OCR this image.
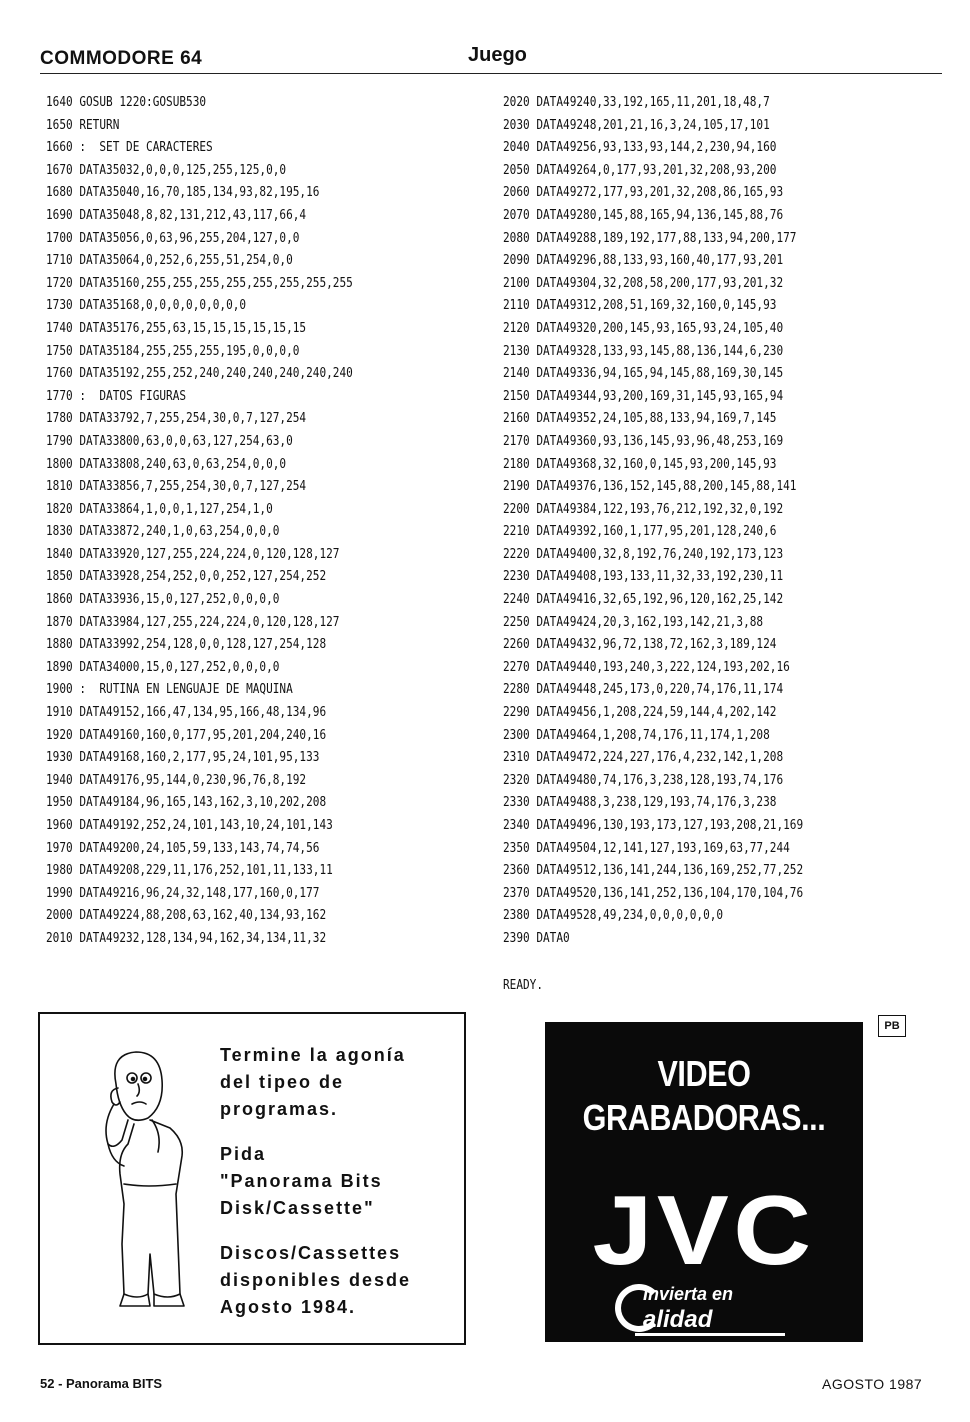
COMMODORE 64	Juego
1640 GOSUB 1220:GOSUB530
1650 RETURN
1660 :  SET DE CARACTERES
1670 DATA35032,0,0,0,125,255,125,0,0
1680 DATA35040,16,70,185,134,93,82,195,16
1690 DATA35048,8,82,131,212,43,117,66,4
1700 DATA35056,0,63,96,255,204,127,0,0
1710 DATA35064,0,252,6,255,51,254,0,0
1720 DATA35160,255,255,255,255,255,255,255,255
1730 DATA35168,0,0,0,0,0,0,0,0
1740 DATA35176,255,63,15,15,15,15,15,15
1750 DATA35184,255,255,255,195,0,0,0,0
1760 DATA35192,255,252,240,240,240,240,240,240
1770 :  DATOS FIGURAS
1780 DATA33792,7,255,254,30,0,7,127,254
1790 DATA33800,63,0,0,63,127,254,63,0
1800 DATA33808,240,63,0,63,254,0,0,0
1810 DATA33856,7,255,254,30,0,7,127,254
1820 DATA33864,1,0,0,1,127,254,1,0
1830 DATA33872,240,1,0,63,254,0,0,0
1840 DATA33920,127,255,224,224,0,120,128,127
1850 DATA33928,254,252,0,0,252,127,254,252
1860 DATA33936,15,0,127,252,0,0,0,0
1870 DATA33984,127,255,224,224,0,120,128,127
1880 DATA33992,254,128,0,0,128,127,254,128
1890 DATA34000,15,0,127,252,0,0,0,0
1900 :  RUTINA EN LENGUAJE DE MAQUINA
1910 DATA49152,166,47,134,95,166,48,134,96
1920 DATA49160,160,0,177,95,201,204,240,16
1930 DATA49168,160,2,177,95,24,101,95,133
1940 DATA49176,95,144,0,230,96,76,8,192
1950 DATA49184,96,165,143,162,3,10,202,208
1960 DATA49192,252,24,101,143,10,24,101,143
1970 DATA49200,24,105,59,133,143,74,74,56
1980 DATA49208,229,11,176,252,101,11,133,11
1990 DATA49216,96,24,32,148,177,160,0,177
2000 DATA49224,88,208,63,162,40,134,93,162
2010 DATA49232,128,134,94,162,34,134,11,32
2020 DATA49240,33,192,165,11,201,18,48,7
2030 DATA49248,201,21,16,3,24,105,17,101
2040 DATA49256,93,133,93,144,2,230,94,160
2050 DATA49264,0,177,93,201,32,208,93,200
2060 DATA49272,177,93,201,32,208,86,165,93
2070 DATA49280,145,88,165,94,136,145,88,76
2080 DATA49288,189,192,177,88,133,94,200,177
2090 DATA49296,88,133,93,160,40,177,93,201
2100 DATA49304,32,208,58,200,177,93,201,32
2110 DATA49312,208,51,169,32,160,0,145,93
2120 DATA49320,200,145,93,165,93,24,105,40
2130 DATA49328,133,93,145,88,136,144,6,230
2140 DATA49336,94,165,94,145,88,169,30,145
2150 DATA49344,93,200,169,31,145,93,165,94
2160 DATA49352,24,105,88,133,94,169,7,145
2170 DATA49360,93,136,145,93,96,48,253,169
2180 DATA49368,32,160,0,145,93,200,145,93
2190 DATA49376,136,152,145,88,200,145,88,141
2200 DATA49384,122,193,76,212,192,32,0,192
2210 DATA49392,160,1,177,95,201,128,240,6
2220 DATA49400,32,8,192,76,240,192,173,123
2230 DATA49408,193,133,11,32,33,192,230,11
2240 DATA49416,32,65,192,96,120,162,25,142
2250 DATA49424,20,3,162,193,142,21,3,88
2260 DATA49432,96,72,138,72,162,3,189,124
2270 DATA49440,193,240,3,222,124,193,202,16
2280 DATA49448,245,173,0,220,74,176,11,174
2290 DATA49456,1,208,224,59,144,4,202,142
2300 DATA49464,1,208,74,176,11,174,1,208
2310 DATA49472,224,227,176,4,232,142,1,208
2320 DATA49480,74,176,3,238,128,193,74,176
2330 DATA49488,3,238,129,193,74,176,3,238
2340 DATA49496,130,193,173,127,193,208,21,169
2350 DATA49504,12,141,127,193,169,63,77,244
2360 DATA49512,136,141,244,136,169,252,77,252
2370 DATA49520,136,141,252,136,104,170,104,76
2380 DATA49528,49,234,0,0,0,0,0,0
2390 DATA0
READY.
Termine la agonía
del tipeo de
programas.
Pida
"Panorama Bits
Disk/Cassette"
Discos/Cassettes
disponibles desde
Agosto 1984.
PB
VIDEO
GRABADORAS...
JVC
Invierta en
alidad
52 - Panorama BITS	AGOSTO 1987
